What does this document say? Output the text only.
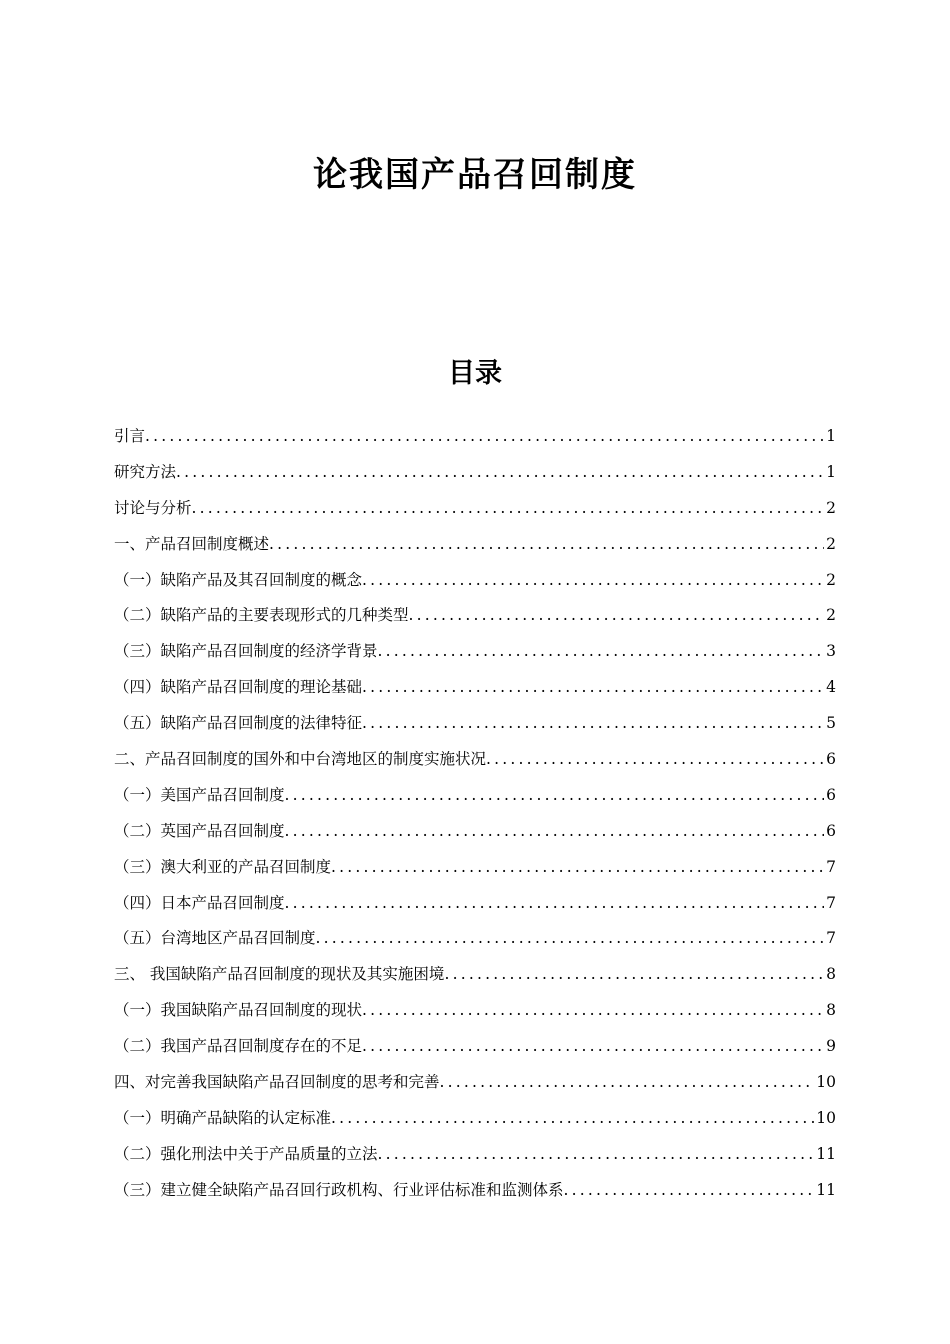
论我国产品召回制度
目录
引言 .....	1
研究方法 .....	1
讨论与分析 .....	2
一、产品召回制度概述 .....	2
（一）缺陷产品及其召回制度的概念 .....	2
（二）缺陷产品的主要表现形式的几种类型 .....	2
（三）缺陷产品召回制度的经济学背景 .....	3
（四）缺陷产品召回制度的理论基础 .....	4
（五）缺陷产品召回制度的法律特征 .....	5
二、产品召回制度的国外和中台湾地区的制度实施状况 .....	6
（一）美国产品召回制度 .....	6
（二）英国产品召回制度 .....	6
（三）澳大利亚的产品召回制度 .....	7
（四）日本产品召回制度 .....	7
（五）台湾地区产品召回制度 .....	7
三、 我国缺陷产品召回制度的现状及其实施困境 .....	8
（一）我国缺陷产品召回制度的现状 .....	8
（二）我国产品召回制度存在的不足 .....	9
四、对完善我国缺陷产品召回制度的思考和完善 .....	10
（一）明确产品缺陷的认定标准 .....	10
（二）强化刑法中关于产品质量的立法 .....	11
（三）建立健全缺陷产品召回行政机构、行业评估标准和监测体系 .....	11
